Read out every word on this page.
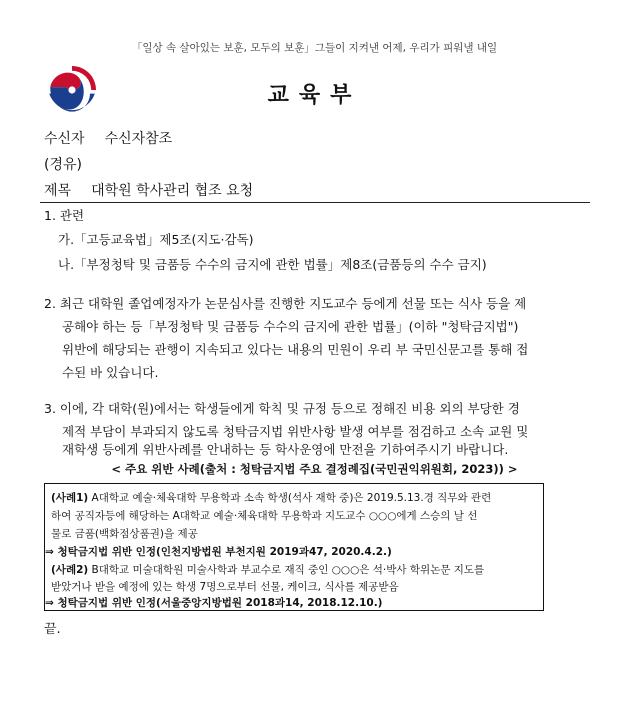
「일상 속 살아있는 보훈, 모두의 보훈」그들이 지켜낸 어제, 우리가 피워낼 내일
교육부
수신자 수신자참조
(경유)
제목 대학원 학사관리 협조 요청
1. 관련
가.「고등교육법」제5조(지도·감독)
나.「부정청탁 및 금품등 수수의 금지에 관한 법률」제8조(금품등의 수수 금지)
2. 최근 대학원 졸업예정자가 논문심사를 진행한 지도교수 등에게 선물 또는 식사 등을 제
공해야 하는 등「부정청탁 및 금품등 수수의 금지에 관한 법률」(이하 "청탁금지법")
위반에 해당되는 관행이 지속되고 있다는 내용의 민원이 우리 부 국민신문고를 통해 접
수된 바 있습니다.
3. 이에, 각 대학(원)에서는 학생들에게 학칙 및 규정 등으로 정해진 비용 외의 부당한 경
제적 부담이 부과되지 않도록 청탁금지법 위반사항 발생 여부를 점검하고 소속 교원 및
재학생 등에게 위반사례를 안내하는 등 학사운영에 만전을 기하여주시기 바랍니다.
< 주요 위반 사례(출처 : 청탁금지법 주요 결정례집(국민권익위원회, 2023)) >
(사례1) A대학교 예술·체육대학 무용학과 소속 학생(석사 재학 중)은 2019.5.13.경 직무와 관련
하여 공직자등에 해당하는 A대학교 예술·체육대학 무용학과 지도교수 ○○○에게 스승의 날 선
물로 금품(백화점상품권)을 제공
⇒ 청탁금지법 위반 인정(인천지방법원 부천지원 2019과47, 2020.4.2.)
(사례2) B대학교 미술대학원 미술사학과 부교수로 재직 중인 ○○○은 석·박사 학위논문 지도를
받았거나 받을 예정에 있는 학생 7명으로부터 선물, 케이크, 식사를 제공받음
⇒ 청탁금지법 위반 인정(서울중앙지방법원 2018과14, 2018.12.10.)
끝.
